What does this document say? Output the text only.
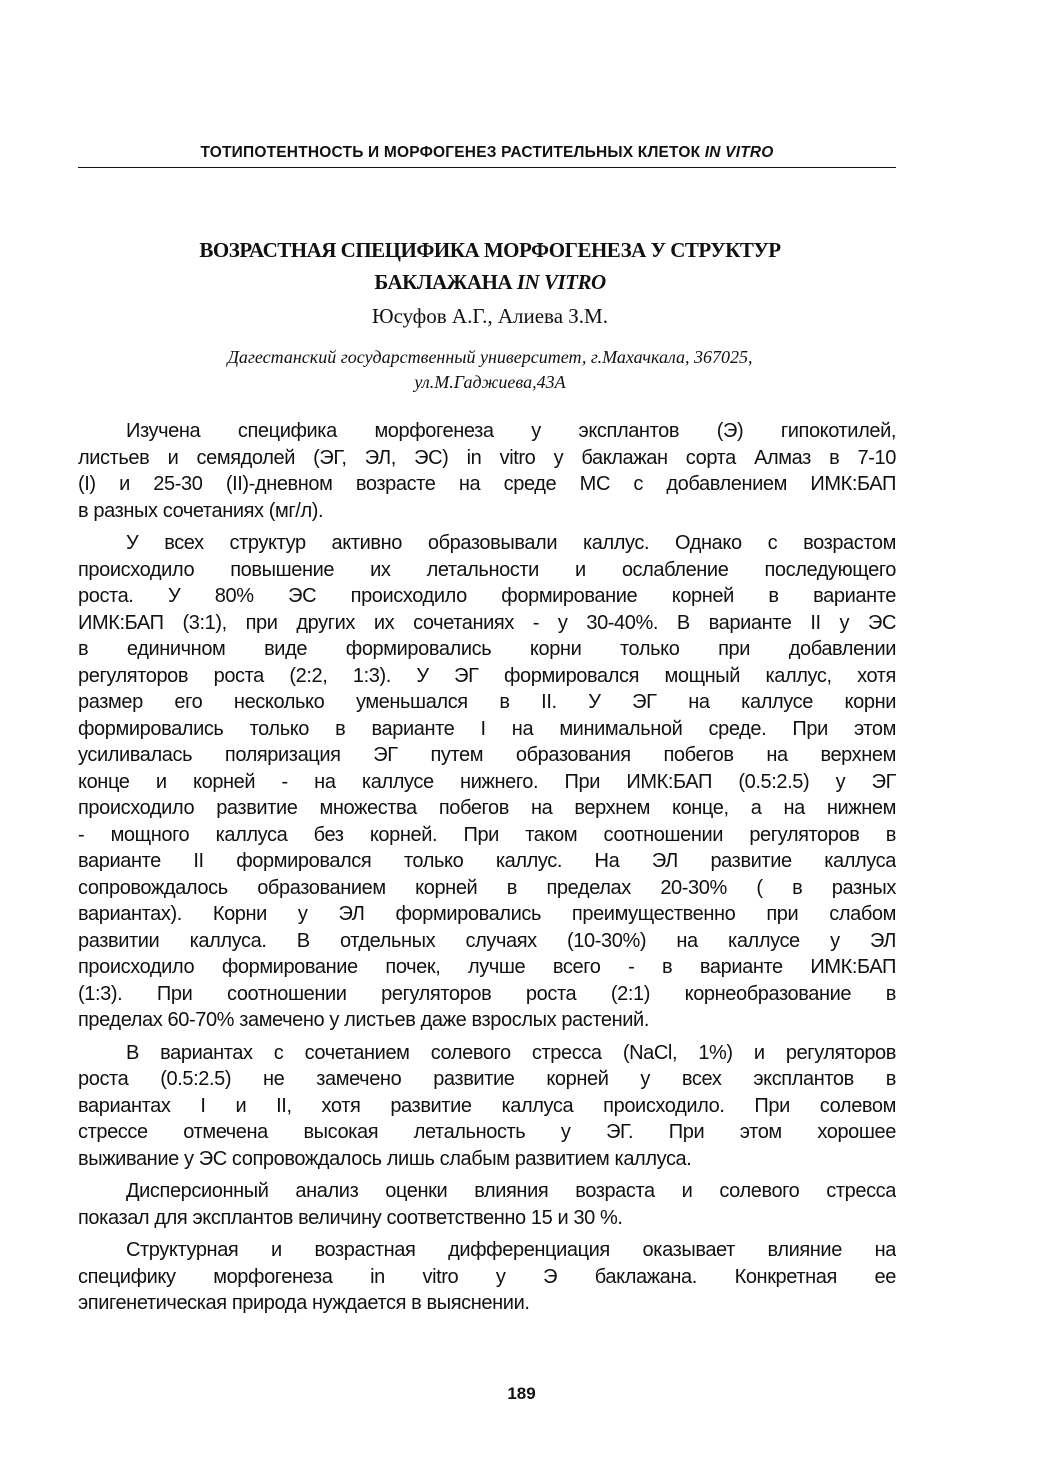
ТОТИПОТЕНТНОСТЬ И МОРФОГЕНЕЗ РАСТИТЕЛЬНЫХ КЛЕТОК IN VITRO
ВОЗРАСТНАЯ СПЕЦИФИКА МОРФОГЕНЕЗА У СТРУКТУР
БАКЛАЖАНА IN VITRO
Юсуфов А.Г., Алиева З.М.
Дагестанский государственный университет, г.Махачкала, 367025,
ул.М.Гаджиева,43А
Изучена специфика морфогенеза у эксплантов (Э) гипокотилей,
листьев и семядолей (ЭГ, ЭЛ, ЭС) in vitro у баклажан сорта Алмаз в 7-10
(I) и 25-30 (II)-дневном возрасте на среде МС с добавлением ИМК:БАП
в разных сочетаниях (мг/л).
У всех структур активно образовывали каллус. Однако с возрастом
происходило повышение их летальности и ослабление последующего
роста. У 80% ЭС происходило формирование корней в варианте
ИМК:БАП (3:1), при других их сочетаниях - у 30-40%. В варианте II у ЭС
в единичном виде формировались корни только при добавлении
регуляторов роста (2:2, 1:3). У ЭГ формировался мощный каллус, хотя
размер его несколько уменьшался в II. У ЭГ на каллусе корни
формировались только в варианте I на минимальной среде. При этом
усиливалась поляризация ЭГ путем образования побегов на верхнем
конце и корней - на каллусе нижнего. При ИМК:БАП (0.5:2.5) у ЭГ
происходило развитие множества побегов на верхнем конце, а на нижнем
- мощного каллуса без корней. При таком соотношении регуляторов в
варианте II формировался только каллус. На ЭЛ развитие каллуса
сопровождалось образованием корней в пределах 20-30% ( в разных
вариантах). Корни у ЭЛ формировались преимущественно при слабом
развитии каллуса. В отдельных случаях (10-30%) на каллусе у ЭЛ
происходило формирование почек, лучше всего - в варианте ИМК:БАП
(1:3). При соотношении регуляторов роста (2:1) корнеобразование в
пределах 60-70% замечено у листьев даже взрослых растений.
В вариантах с сочетанием солевого стресса (NaCl, 1%) и регуляторов
роста (0.5:2.5) не замечено развитие корней у всех эксплантов в
вариантах I и II, хотя развитие каллуса происходило. При солевом
стрессе отмечена высокая летальность у ЭГ. При этом хорошее
выживание у ЭС сопровождалось лишь слабым развитием каллуса.
Дисперсионный анализ оценки влияния возраста и солевого стресса
показал для эксплантов величину соответственно 15 и 30 %.
Структурная и возрастная дифференциация оказывает влияние на
специфику морфогенеза in vitro у Э баклажана. Конкретная ее
эпигенетическая природа нуждается в выяснении.
189
